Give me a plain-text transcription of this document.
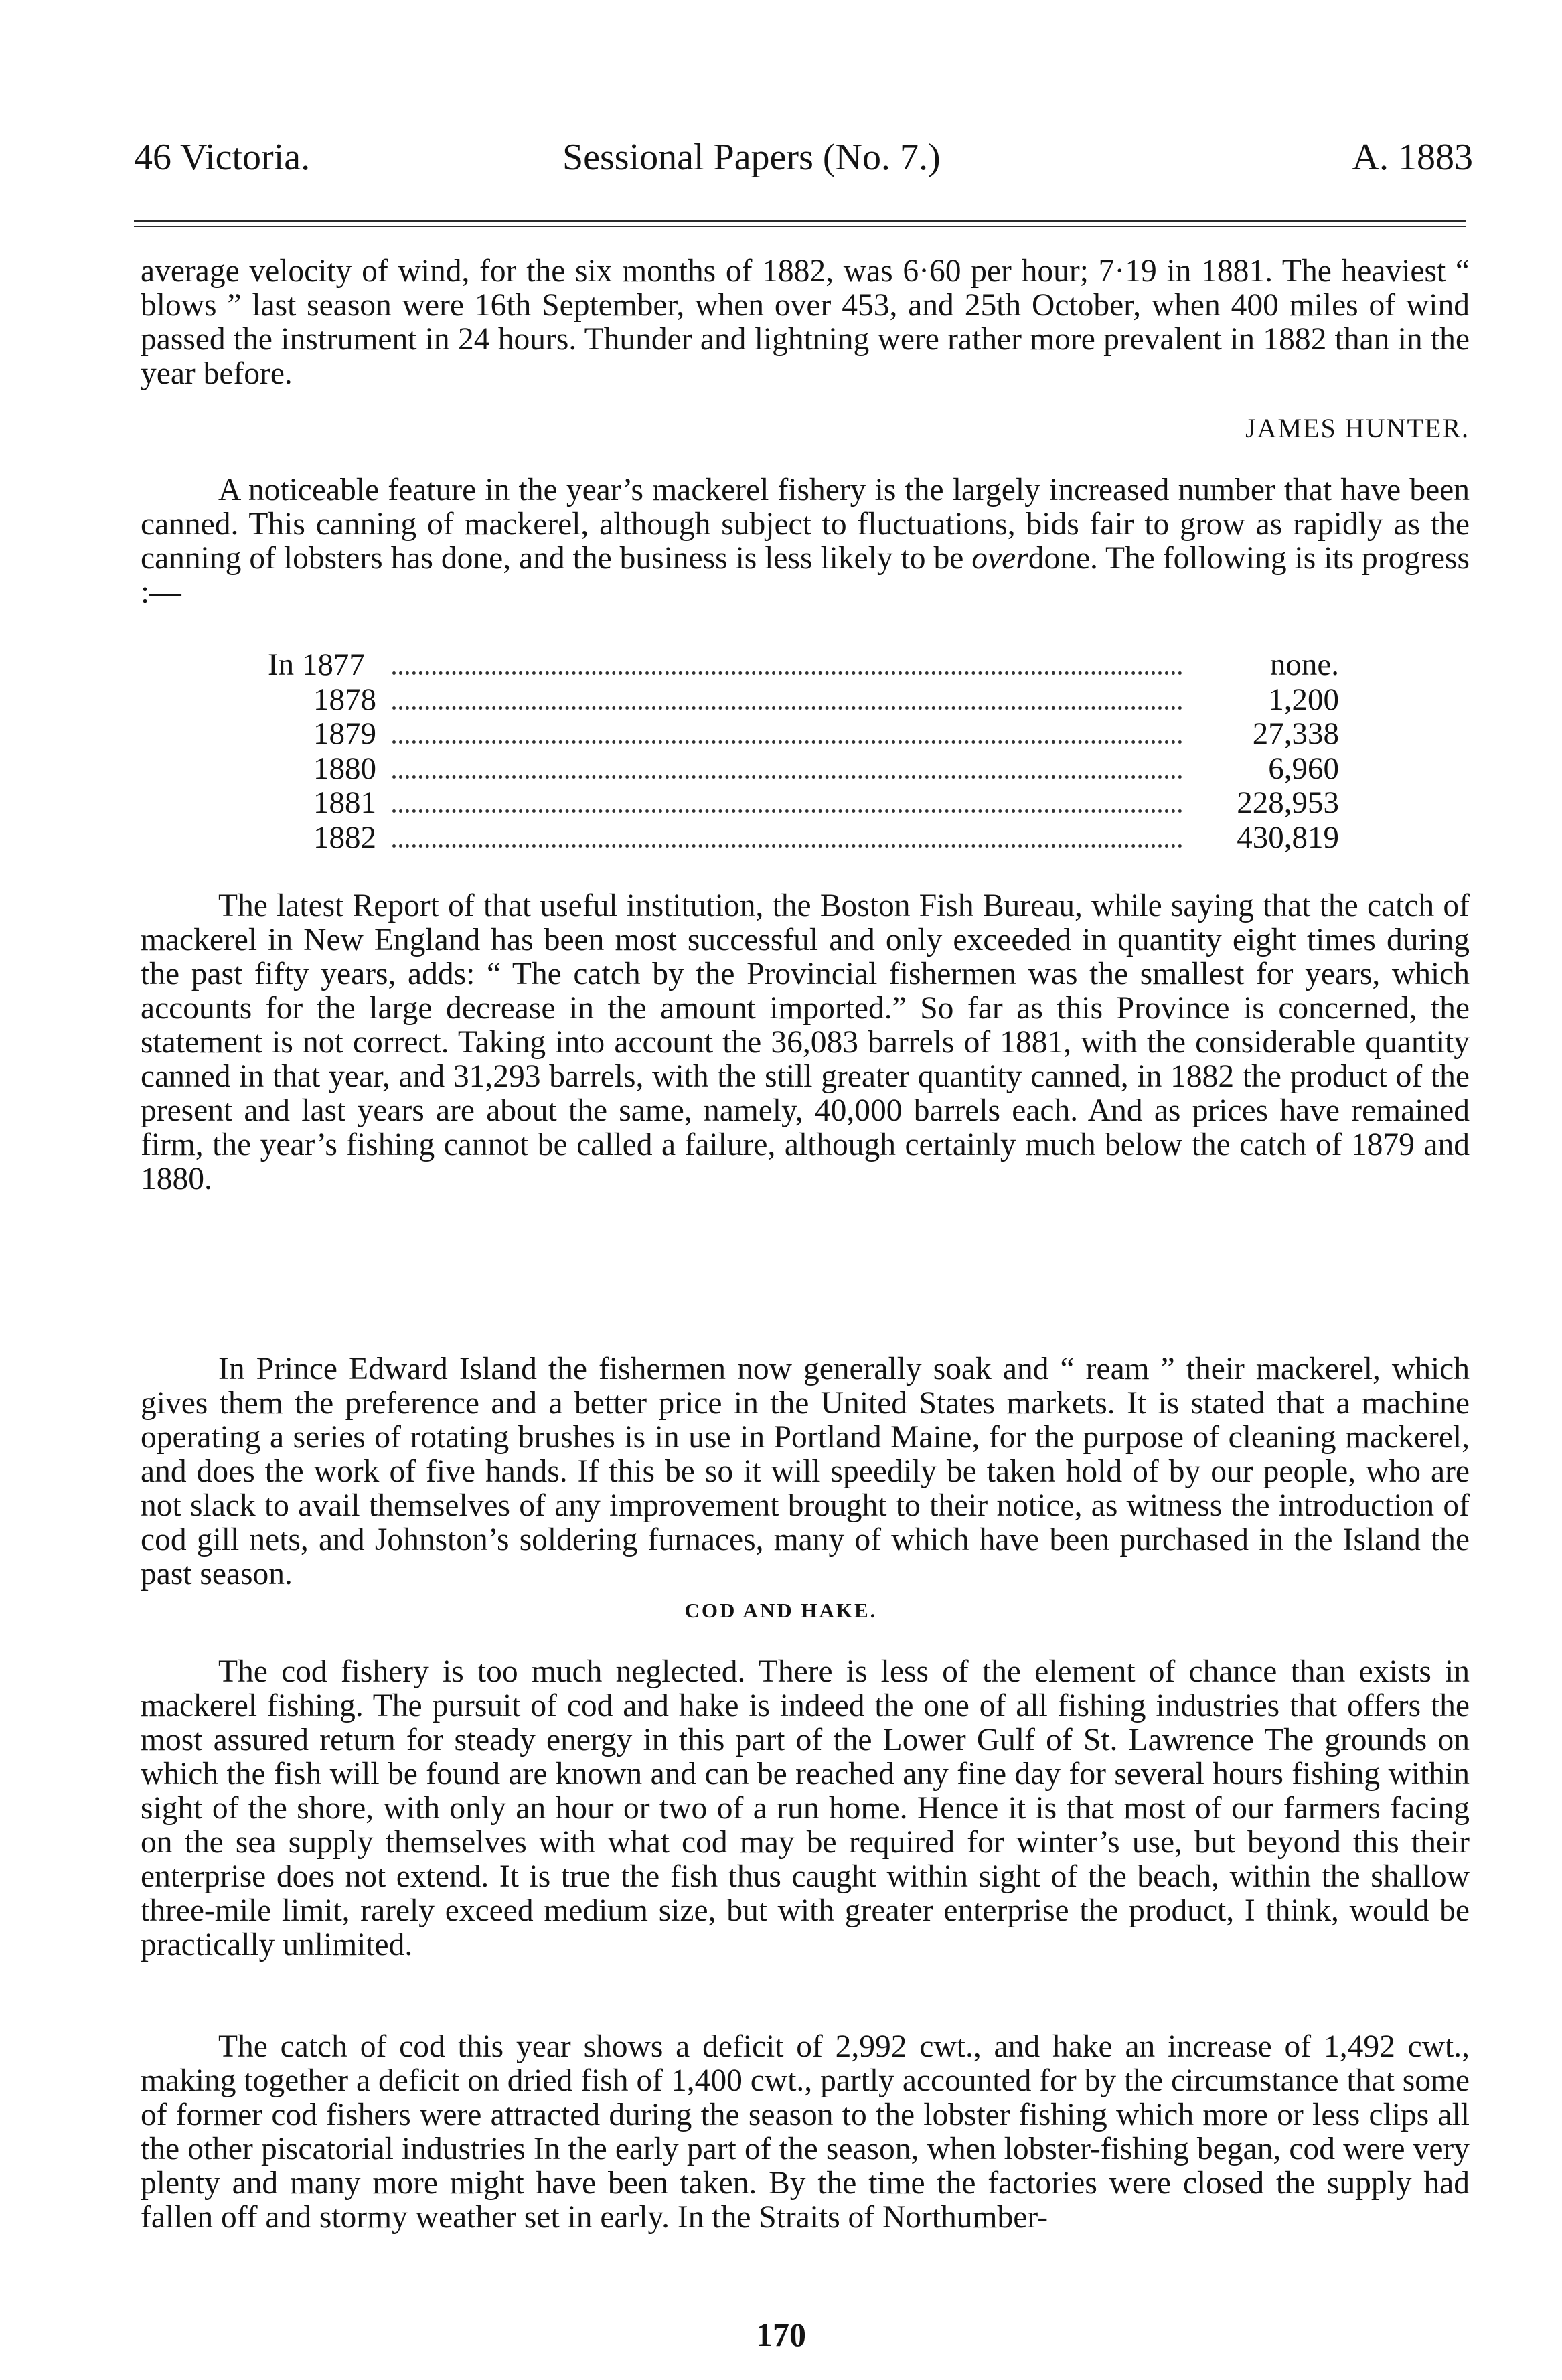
46 Victoria.	Sessional Papers (No. 7.)	A. 1883

average velocity of wind, for the six months of 1882, was 6·60 per hour; 7·19 in 1881. The heaviest “ blows ” last season were 16th September, when over 453, and 25th October, when 400 miles of wind passed the instrument in 24 hours. Thunder and lightning were rather more prevalent in 1882 than in the year before.

JAMES HUNTER.

A noticeable feature in the year’s mackerel fishery is the largely increased number that have been canned. This canning of mackerel, although subject to fluctuations, bids fair to grow as rapidly as the canning of lobsters has done, and the business is less likely to be overdone. The following is its progress :—

In 1877	none.
1878	1,200
1879	27,338
1880	6,960
1881	228,953
1882	430,819

The latest Report of that useful institution, the Boston Fish Bureau, while saying that the catch of mackerel in New England has been most successful and only exceeded in quantity eight times during the past fifty years, adds: “ The catch by the Provincial fishermen was the smallest for years, which accounts for the large decrease in the amount imported.” So far as this Province is concerned, the statement is not correct. Taking into account the 36,083 barrels of 1881, with the considerable quantity canned in that year, and 31,293 barrels, with the still greater quantity canned, in 1882 the product of the present and last years are about the same, namely, 40,000 barrels each. And as prices have remained firm, the year’s fishing cannot be called a failure, although certainly much below the catch of 1879 and 1880.

In Prince Edward Island the fishermen now generally soak and “ ream ” their mackerel, which gives them the preference and a better price in the United States markets. It is stated that a machine operating a series of rotating brushes is in use in Portland Maine, for the purpose of cleaning mackerel, and does the work of five hands. If this be so it will speedily be taken hold of by our people, who are not slack to avail themselves of any improvement brought to their notice, as witness the introduction of cod gill nets, and Johnston’s soldering furnaces, many of which have been purchased in the Island the past season.

COD AND HAKE.

The cod fishery is too much neglected. There is less of the element of chance than exists in mackerel fishing. The pursuit of cod and hake is indeed the one of all fishing industries that offers the most assured return for steady energy in this part of the Lower Gulf of St. Lawrence The grounds on which the fish will be found are known and can be reached any fine day for several hours fishing within sight of the shore, with only an hour or two of a run home. Hence it is that most of our farmers facing on the sea supply themselves with what cod may be required for winter’s use, but beyond this their enterprise does not extend. It is true the fish thus caught within sight of the beach, within the shallow three-mile limit, rarely exceed medium size, but with greater enterprise the product, I think, would be practically unlimited.

The catch of cod this year shows a deficit of 2,992 cwt., and hake an increase of 1,492 cwt., making together a deficit on dried fish of 1,400 cwt., partly accounted for by the circumstance that some of former cod fishers were attracted during the season to the lobster fishing which more or less clips all the other piscatorial industries In the early part of the season, when lobster-fishing began, cod were very plenty and many more might have been taken. By the time the factories were closed the supply had fallen off and stormy weather set in early. In the Straits of Northumber-

170
